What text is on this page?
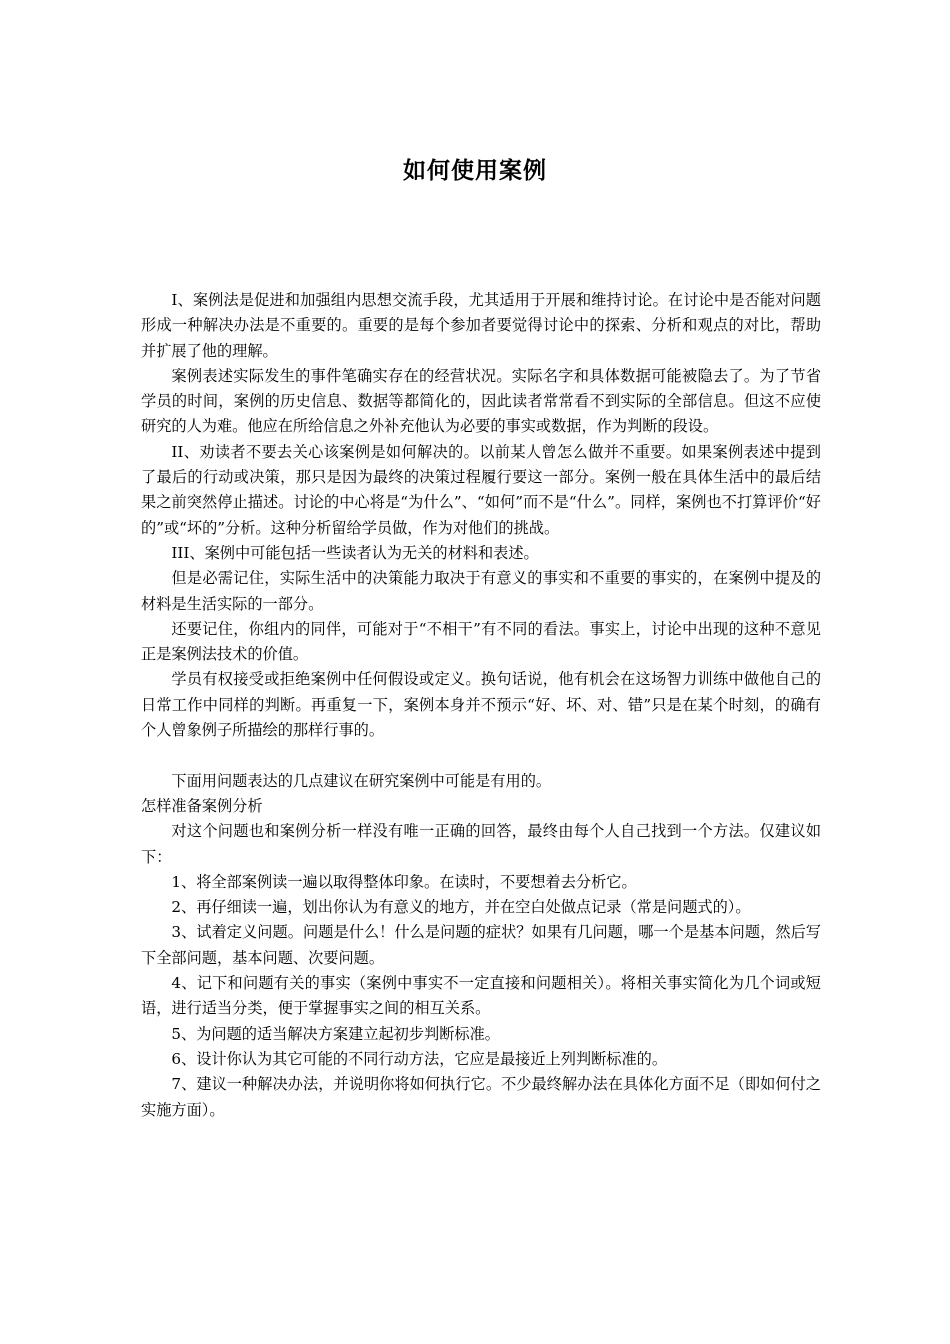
如何使用案例

I、案例法是促进和加强组内思想交流手段，尤其适用于开展和维持讨论。在讨论中是否能对问题形成一种解决办法是不重要的。重要的是每个参加者要觉得讨论中的探索、分析和观点的对比，帮助并扩展了他的理解。

案例表述实际发生的事件笔确实存在的经营状况。实际名字和具体数据可能被隐去了。为了节省学员的时间，案例的历史信息、数据等都简化的，因此读者常常看不到实际的全部信息。但这不应使研究的人为难。他应在所给信息之外补充他认为必要的事实或数据，作为判断的段设。

II、劝读者不要去关心该案例是如何解决的。以前某人曾怎么做并不重要。如果案例表述中提到了最后的行动或决策，那只是因为最终的决策过程履行要这一部分。案例一般在具体生活中的最后结果之前突然停止描述。讨论的中心将是“为什么”、“如何”而不是“什么”。同样，案例也不打算评价“好的”或“坏的”分析。这种分析留给学员做，作为对他们的挑战。

III、案例中可能包括一些读者认为无关的材料和表述。

但是必需记住，实际生活中的决策能力取决于有意义的事实和不重要的事实的，在案例中提及的材料是生活实际的一部分。

还要记住，你组内的同伴，可能对于“不相干”有不同的看法。事实上，讨论中出现的这种不意见正是案例法技术的价值。

学员有权接受或拒绝案例中任何假设或定义。换句话说，他有机会在这场智力训练中做他自己的日常工作中同样的判断。再重复一下，案例本身并不预示“好、坏、对、错”只是在某个时刻，的确有个人曾象例子所描绘的那样行事的。

下面用问题表达的几点建议在研究案例中可能是有用的。

怎样准备案例分析

对这个问题也和案例分析一样没有唯一正确的回答，最终由每个人自己找到一个方法。仅建议如下：

1、将全部案例读一遍以取得整体印象。在读时，不要想着去分析它。

2、再仔细读一遍，划出你认为有意义的地方，并在空白处做点记录（常是问题式的）。

3、试着定义问题。问题是什么！什么是问题的症状？如果有几问题，哪一个是基本问题，然后写下全部问题，基本问题、次要问题。

4、记下和问题有关的事实（案例中事实不一定直接和问题相关）。将相关事实简化为几个词或短语，进行适当分类，便于掌握事实之间的相互关系。

5、为问题的适当解决方案建立起初步判断标准。

6、设计你认为其它可能的不同行动方法，它应是最接近上列判断标准的。

7、建议一种解决办法，并说明你将如何执行它。不少最终解办法在具体化方面不足（即如何付之实施方面）。
